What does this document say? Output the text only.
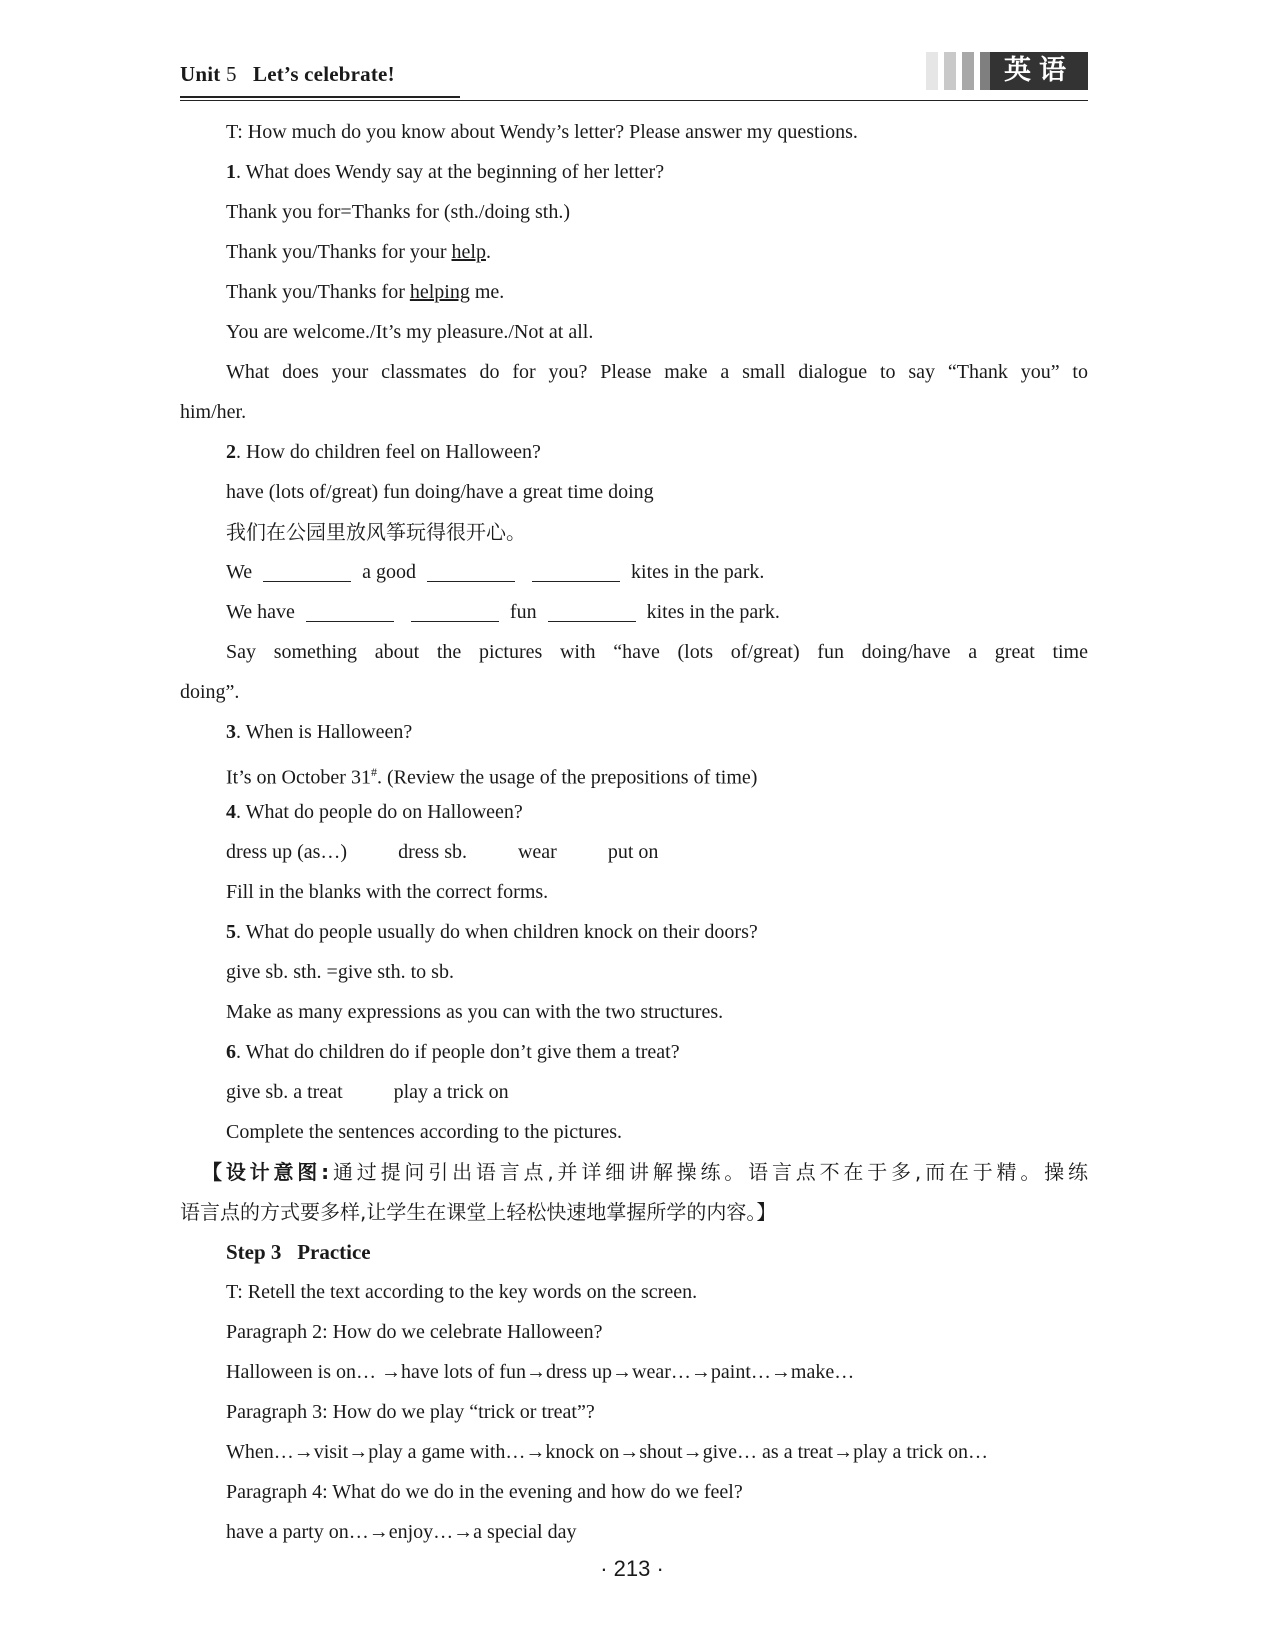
Unit 5 Let’s celebrate!	英语
T: How much do you know about Wendy’s letter? Please answer my questions.
1. What does Wendy say at the beginning of her letter?
Thank you for=Thanks for (sth./doing sth.)
Thank you/Thanks for your help.
Thank you/Thanks for helping me.
You are welcome./It’s my pleasure./Not at all.
What does your classmates do for you? Please make a small dialogue to say “Thank you” to
him/her.
2. How do children feel on Halloween?
have (lots of/great) fun doing/have a great time doing
我们在公园里放风筝玩得很开心。
We	a good	kites in the park.
We have	fun	kites in the park.
Say something about the pictures with “have (lots of/great) fun doing/have a great time
doing”.
3. When is Halloween?
It’s on October 31#. (Review the usage of the prepositions of time)
4. What do people do on Halloween?
dress up (as…)	dress sb.	wear	put on
Fill in the blanks with the correct forms.
5. What do people usually do when children knock on their doors?
give sb. sth. =give sth. to sb.
Make as many expressions as you can with the two structures.
6. What do children do if people don’t give them a treat?
give sb. a treat	play a trick on
Complete the sentences according to the pictures.
【设计意图:通过提问引出语言点,并详细讲解操练。语言点不在于多,而在于精。操练
语言点的方式要多样,让学生在课堂上轻松快速地掌握所学的内容。】
Step 3 Practice
T: Retell the text according to the key words on the screen.
Paragraph 2: How do we celebrate Halloween?
Halloween is on… →have lots of fun→dress up→wear…→paint…→make…
Paragraph 3: How do we play “trick or treat”?
When…→visit→play a game with…→knock on→shout→give… as a treat→play a trick on…
Paragraph 4: What do we do in the evening and how do we feel?
have a party on…→enjoy…→a special day
· 213 ·
